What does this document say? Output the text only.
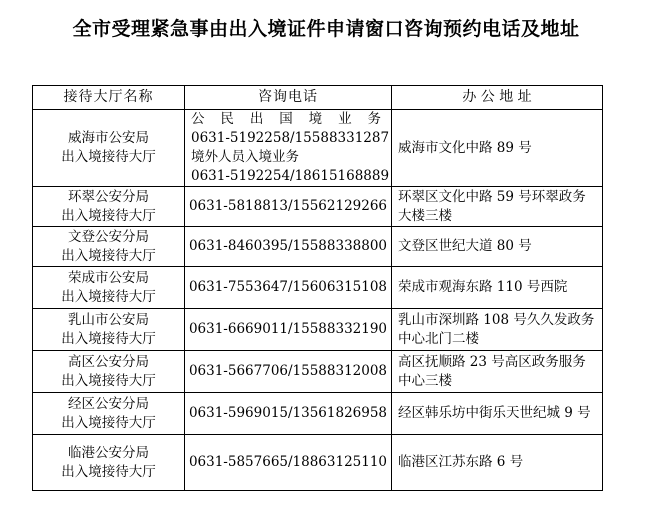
全市受理紧急事由出入境证件申请窗口咨询预约电话及地址
接待大厅名称	咨询电话	办 公 地 址

威海市公安局
出入境接待大厅	公 民 出 国 境 业 务
0631-5192258/15588331287
境外人员入境业务
0631-5192254/18615168889	威海市文化中路 89 号

环翠公安分局
出入境接待大厅	0631-5818813/15562129266	环翠区文化中路 59 号环翠政务大楼三楼

文登公安分局
出入境接待大厅	0631-8460395/15588338800	文登区世纪大道 80 号

荣成市公安局
出入境接待大厅	0631-7553647/15606315108	荣成市观海东路 110 号西院

乳山市公安局
出入境接待大厅	0631-6669011/15588332190	乳山市深圳路 108 号久久发政务中心北门二楼

高区公安分局
出入境接待大厅	0631-5667706/15588312008	高区抚顺路 23 号高区政务服务中心三楼

经区公安分局
出入境接待大厅	0631-5969015/13561826958	经区韩乐坊中街乐天世纪城 9 号

临港公安分局
出入境接待大厅	0631-5857665/18863125110	临港区江苏东路 6 号
